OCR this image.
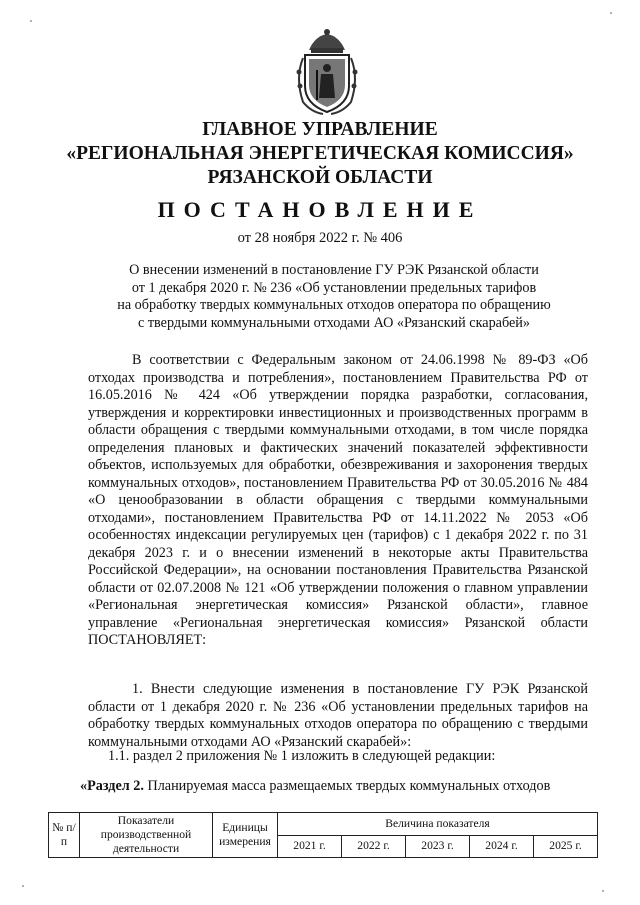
ГЛАВНОЕ УПРАВЛЕНИЕ
«РЕГИОНАЛЬНАЯ ЭНЕРГЕТИЧЕСКАЯ КОМИССИЯ»
РЯЗАНСКОЙ ОБЛАСТИ
ПОСТАНОВЛЕНИЕ
от 28 ноября 2022 г. № 406
О внесении изменений в постановление ГУ РЭК Рязанской области
от 1 декабря 2020 г. № 236 «Об установлении предельных тарифов
на обработку твердых коммунальных отходов оператора по обращению
с твердыми коммунальными отходами АО «Рязанский скарабей»
В соответствии с Федеральным законом от 24.06.1998 № 89-ФЗ «Об отходах производства и потребления», постановлением Правительства РФ от 16.05.2016 № 424 «Об утверждении порядка разработки, согласования, утверждения и корректировки инвестиционных и производственных программ в области обращения с твердыми коммунальными отходами, в том числе порядка определения плановых и фактических значений показателей эффективности объектов, используемых для обработки, обезвреживания и захоронения твердых коммунальных отходов», постановлением Правительства РФ от 30.05.2016 № 484 «О ценообразовании в области обращения с твердыми коммунальными отходами», постановлением Правительства РФ от 14.11.2022 № 2053 «Об особенностях индексации регулируемых цен (тарифов) с 1 декабря 2022 г. по 31 декабря 2023 г. и о внесении изменений в некоторые акты Правительства Российской Федерации», на основании постановления Правительства Рязанской области от 02.07.2008 № 121 «Об утверждении положения о главном управлении «Региональная энергетическая комиссия» Рязанской области», главное управление «Региональная энергетическая комиссия» Рязанской области ПОСТАНОВЛЯЕТ:
1. Внести следующие изменения в постановление ГУ РЭК Рязанской области от 1 декабря 2020 г. № 236 «Об установлении предельных тарифов на обработку твердых коммунальных отходов оператора по обращению с твердыми коммунальными отходами АО «Рязанский скарабей»:
1.1. раздел 2 приложения № 1 изложить в следующей редакции:
«Раздел 2. Планируемая масса размещаемых твердых коммунальных отходов
№ п/п	Показатели производственной деятельности	Единицы измерения	Величина показателя				
			2021 г.	2022 г.	2023 г.	2024 г.	2025 г.
